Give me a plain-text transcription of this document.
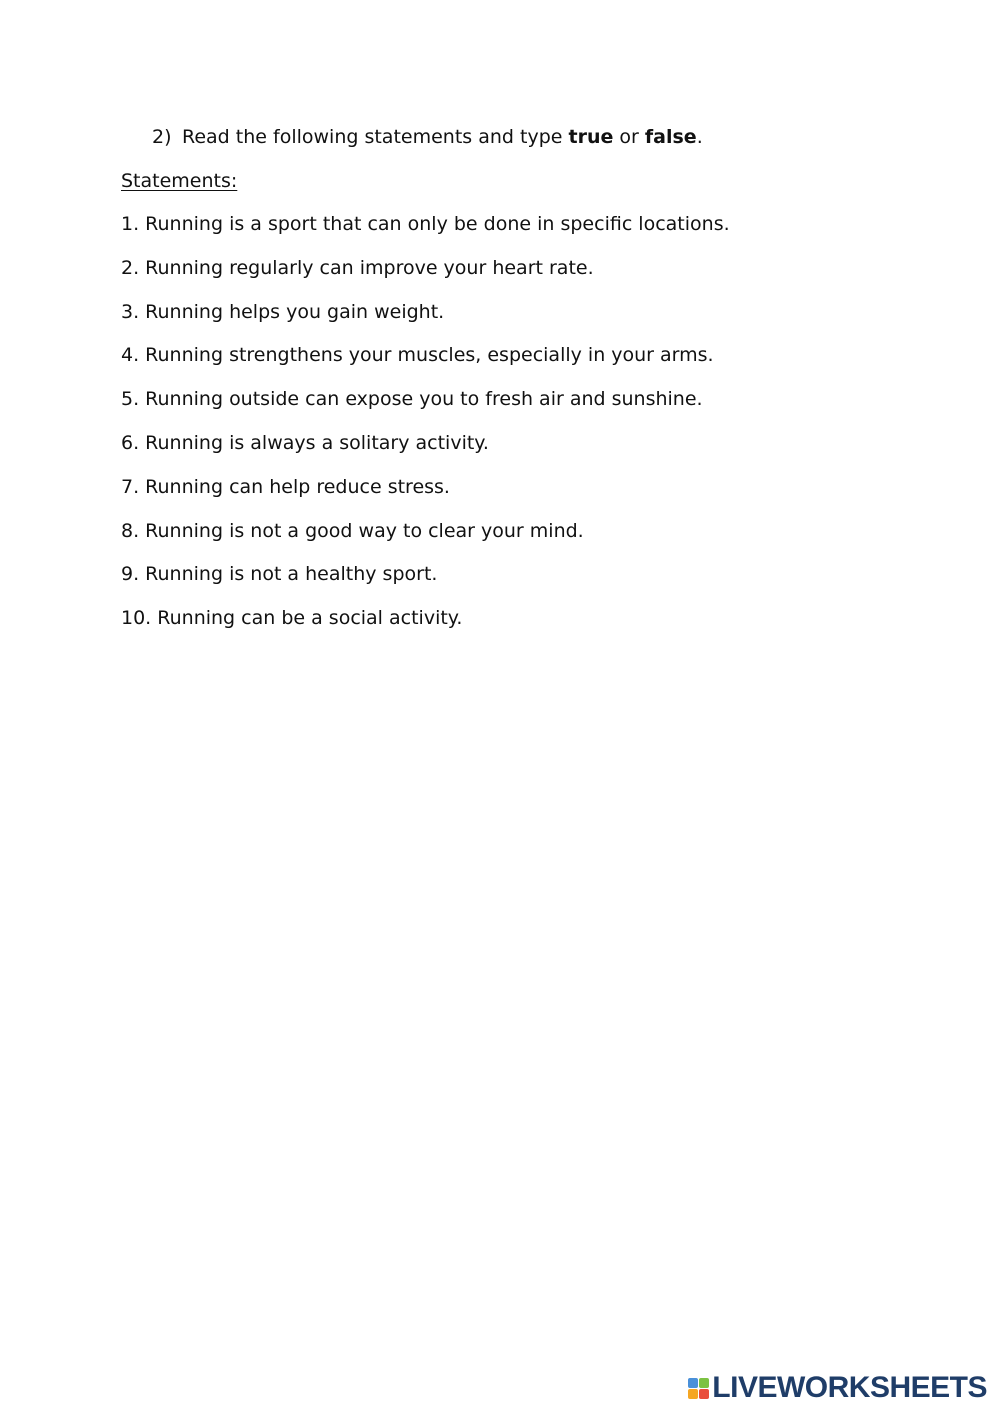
2) Read the following statements and type true or false.
Statements:
1. Running is a sport that can only be done in specific locations.
2. Running regularly can improve your heart rate.
3. Running helps you gain weight.
4. Running strengthens your muscles, especially in your arms.
5. Running outside can expose you to fresh air and sunshine.
6. Running is always a solitary activity.
7. Running can help reduce stress.
8. Running is not a good way to clear your mind.
9. Running is not a healthy sport.
10. Running can be a social activity.
LIVEWORKSHEETS
